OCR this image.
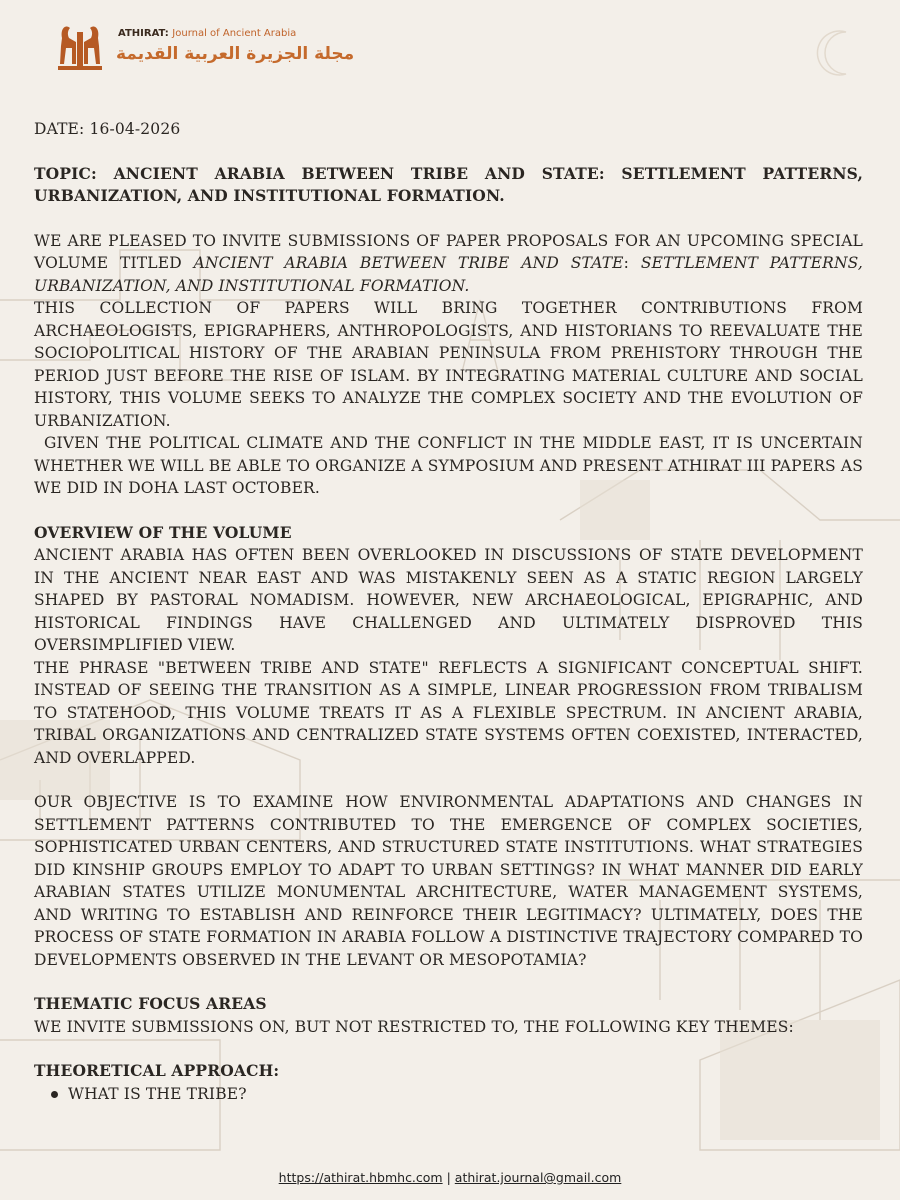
ATHIRAT: Journal of Ancient Arabia

مجلة الجزيرة العربية القديمة

DATE: 16-04-2026

TOPIC: ANCIENT ARABIA BETWEEN TRIBE AND STATE: SETTLEMENT PATTERNS, URBANIZATION, AND INSTITUTIONAL FORMATION.

WE ARE PLEASED TO INVITE SUBMISSIONS OF PAPER PROPOSALS FOR AN UPCOMING SPECIAL VOLUME TITLED ANCIENT ARABIA BETWEEN TRIBE AND STATE: SETTLEMENT PATTERNS, URBANIZATION, AND INSTITUTIONAL FORMATION.

THIS COLLECTION OF PAPERS WILL BRING TOGETHER CONTRIBUTIONS FROM ARCHAEOLOGISTS, EPIGRAPHERS, ANTHROPOLOGISTS, AND HISTORIANS TO REEVALUATE THE SOCIOPOLITICAL HISTORY OF THE ARABIAN PENINSULA FROM PREHISTORY THROUGH THE PERIOD JUST BEFORE THE RISE OF ISLAM. BY INTEGRATING MATERIAL CULTURE AND SOCIAL HISTORY, THIS VOLUME SEEKS TO ANALYZE THE COMPLEX SOCIETY AND THE EVOLUTION OF URBANIZATION.

GIVEN THE POLITICAL CLIMATE AND THE CONFLICT IN THE MIDDLE EAST, IT IS UNCERTAIN WHETHER WE WILL BE ABLE TO ORGANIZE A SYMPOSIUM AND PRESENT ATHIRAT III PAPERS AS WE DID IN DOHA LAST OCTOBER.

OVERVIEW OF THE VOLUME

ANCIENT ARABIA HAS OFTEN BEEN OVERLOOKED IN DISCUSSIONS OF STATE DEVELOPMENT IN THE ANCIENT NEAR EAST AND WAS MISTAKENLY SEEN AS A STATIC REGION LARGELY SHAPED BY PASTORAL NOMADISM. HOWEVER, NEW ARCHAEOLOGICAL, EPIGRAPHIC, AND HISTORICAL FINDINGS HAVE CHALLENGED AND ULTIMATELY DISPROVED THIS OVERSIMPLIFIED VIEW.

THE PHRASE "BETWEEN TRIBE AND STATE" REFLECTS A SIGNIFICANT CONCEPTUAL SHIFT. INSTEAD OF SEEING THE TRANSITION AS A SIMPLE, LINEAR PROGRESSION FROM TRIBALISM TO STATEHOOD, THIS VOLUME TREATS IT AS A FLEXIBLE SPECTRUM. IN ANCIENT ARABIA, TRIBAL ORGANIZATIONS AND CENTRALIZED STATE SYSTEMS OFTEN COEXISTED, INTERACTED, AND OVERLAPPED.

OUR OBJECTIVE IS TO EXAMINE HOW ENVIRONMENTAL ADAPTATIONS AND CHANGES IN SETTLEMENT PATTERNS CONTRIBUTED TO THE EMERGENCE OF COMPLEX SOCIETIES, SOPHISTICATED URBAN CENTERS, AND STRUCTURED STATE INSTITUTIONS. WHAT STRATEGIES DID KINSHIP GROUPS EMPLOY TO ADAPT TO URBAN SETTINGS? IN WHAT MANNER DID EARLY ARABIAN STATES UTILIZE MONUMENTAL ARCHITECTURE, WATER MANAGEMENT SYSTEMS, AND WRITING TO ESTABLISH AND REINFORCE THEIR LEGITIMACY? ULTIMATELY, DOES THE PROCESS OF STATE FORMATION IN ARABIA FOLLOW A DISTINCTIVE TRAJECTORY COMPARED TO DEVELOPMENTS OBSERVED IN THE LEVANT OR MESOPOTAMIA?

THEMATIC FOCUS AREAS

WE INVITE SUBMISSIONS ON, BUT NOT RESTRICTED TO, THE FOLLOWING KEY THEMES:

THEORETICAL APPROACH:

WHAT IS THE TRIBE?
https://athirat.hbmhc.com | athirat.journal@gmail.com
